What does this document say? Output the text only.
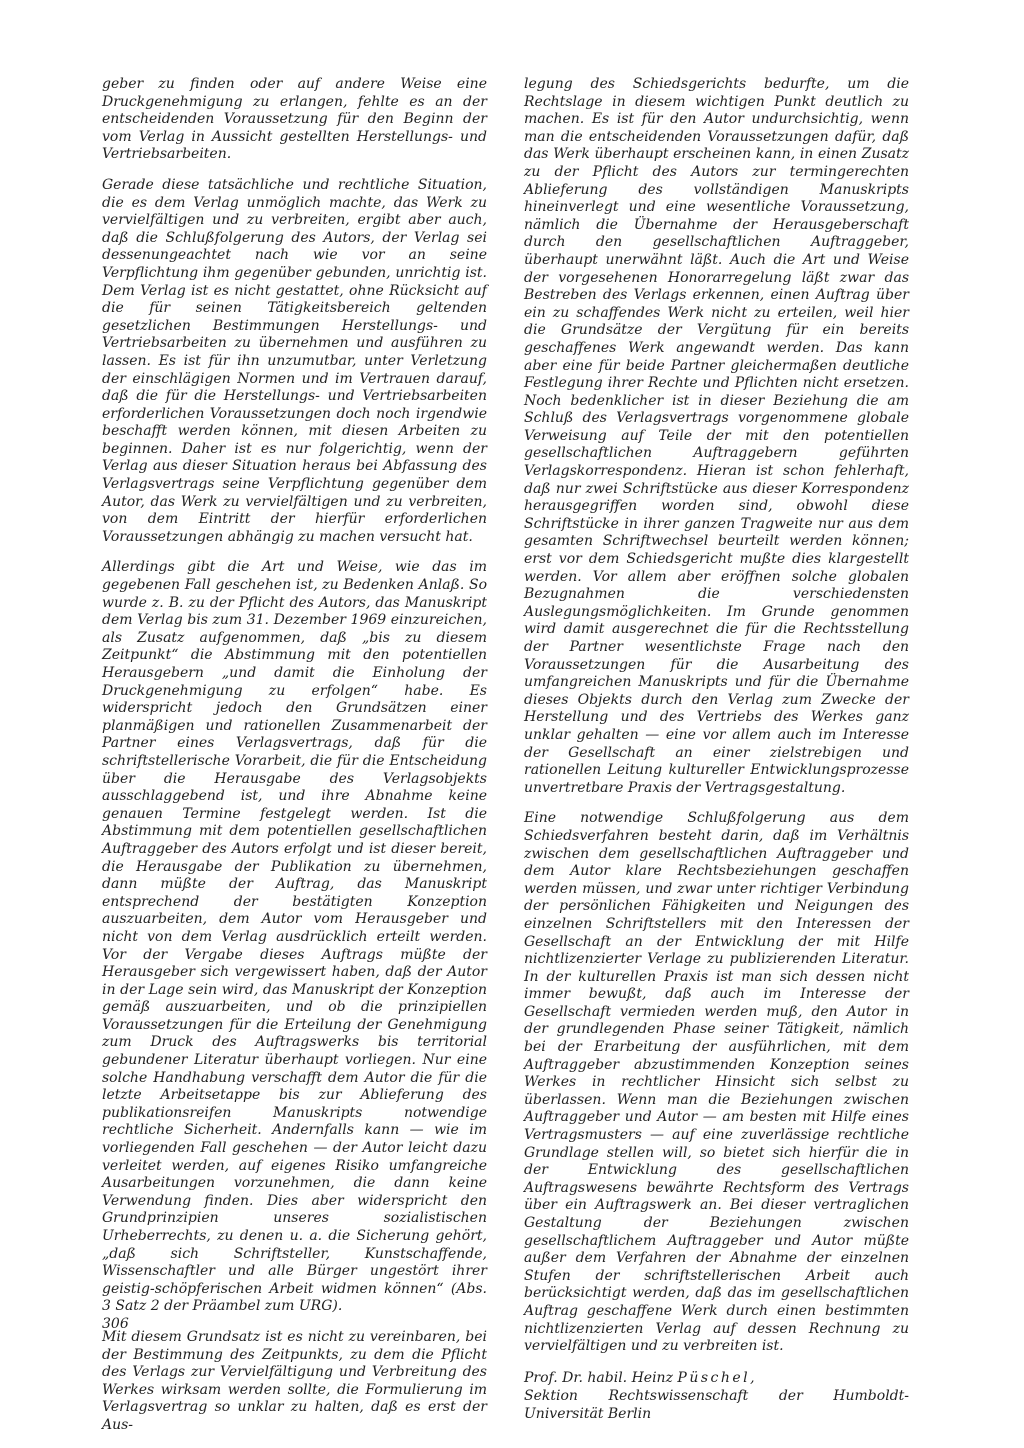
geber zu finden oder auf andere Weise eine Druckgenehmigung zu erlangen, fehlte es an der entscheidenden Voraussetzung für den Beginn der vom Verlag in Aussicht gestellten Herstellungs- und Vertriebsarbeiten.

Gerade diese tatsächliche und rechtliche Situation, die es dem Verlag unmöglich machte, das Werk zu vervielfältigen und zu verbreiten, ergibt aber auch, daß die Schlußfolgerung des Autors, der Verlag sei dessenungeachtet nach wie vor an seine Verpflichtung ihm gegenüber gebunden, unrichtig ist. Dem Verlag ist es nicht gestattet, ohne Rücksicht auf die für seinen Tätigkeitsbereich geltenden gesetzlichen Bestimmungen Herstellungs- und Vertriebsarbeiten zu übernehmen und ausführen zu lassen. Es ist für ihn unzumutbar, unter Verletzung der einschlägigen Normen und im Vertrauen darauf, daß die für die Herstellungs- und Vertriebsarbeiten erforderlichen Voraussetzungen doch noch irgendwie beschafft werden können, mit diesen Arbeiten zu beginnen. Daher ist es nur folgerichtig, wenn der Verlag aus dieser Situation heraus bei Abfassung des Verlagsvertrags seine Verpflichtung gegenüber dem Autor, das Werk zu vervielfältigen und zu verbreiten, von dem Eintritt der hierfür erforderlichen Voraussetzungen abhängig zu machen versucht hat.

Allerdings gibt die Art und Weise, wie das im gegebenen Fall geschehen ist, zu Bedenken Anlaß. So wurde z. B. zu der Pflicht des Autors, das Manuskript dem Verlag bis zum 31. Dezember 1969 einzureichen, als Zusatz aufgenommen, daß „bis zu diesem Zeitpunkt“ die Abstimmung mit den potentiellen Herausgebern „und damit die Einholung der Druckgenehmigung zu erfolgen“ habe. Es widerspricht jedoch den Grundsätzen einer planmäßigen und rationellen Zusammenarbeit der Partner eines Verlagsvertrags, daß für die schriftstellerische Vorarbeit, die für die Entscheidung über die Herausgabe des Verlagsobjekts ausschlaggebend ist, und ihre Abnahme keine genauen Termine festgelegt werden. Ist die Abstimmung mit dem potentiellen gesellschaftlichen Auftraggeber des Autors erfolgt und ist dieser bereit, die Herausgabe der Publikation zu übernehmen, dann müßte der Auftrag, das Manuskript entsprechend der bestätigten Konzeption auszuarbeiten, dem Autor vom Herausgeber und nicht von dem Verlag ausdrücklich erteilt werden. Vor der Vergabe dieses Auftrags müßte der Herausgeber sich vergewissert haben, daß der Autor in der Lage sein wird, das Manuskript der Konzeption gemäß auszuarbeiten, und ob die prinzipiellen Voraussetzungen für die Erteilung der Genehmigung zum Druck des Auftragswerks bis territorial gebundener Literatur überhaupt vorliegen. Nur eine solche Handhabung verschafft dem Autor die für die letzte Arbeitsetappe bis zur Ablieferung des publikationsreifen Manuskripts notwendige rechtliche Sicherheit. Andernfalls kann — wie im vorliegenden Fall geschehen — der Autor leicht dazu verleitet werden, auf eigenes Risiko umfangreiche Ausarbeitungen vorzunehmen, die dann keine Verwendung finden. Dies aber widerspricht den Grundprinzipien unseres sozialistischen Urheberrechts, zu denen u. a. die Sicherung gehört, „daß sich Schriftsteller, Kunstschaffende, Wissenschaftler und alle Bürger ungestört ihrer geistig-schöpferischen Arbeit widmen können“ (Abs. 3 Satz 2 der Präambel zum URG).

Mit diesem Grundsatz ist es nicht zu vereinbaren, bei der Bestimmung des Zeitpunkts, zu dem die Pflicht des Verlags zur Vervielfältigung und Verbreitung des Werkes wirksam werden sollte, die Formulierung im Verlagsvertrag so unklar zu halten, daß es erst der Aus-

legung des Schiedsgerichts bedurfte, um die Rechtslage in diesem wichtigen Punkt deutlich zu machen. Es ist für den Autor undurchsichtig, wenn man die entscheidenden Voraussetzungen dafür, daß das Werk überhaupt erscheinen kann, in einen Zusatz zu der Pflicht des Autors zur termingerechten Ablieferung des vollständigen Manuskripts hineinverlegt und eine wesentliche Voraussetzung, nämlich die Übernahme der Herausgeberschaft durch den gesellschaftlichen Auftraggeber, überhaupt unerwähnt läßt. Auch die Art und Weise der vorgesehenen Honorarregelung läßt zwar das Bestreben des Verlags erkennen, einen Auftrag über ein zu schaffendes Werk nicht zu erteilen, weil hier die Grundsätze der Vergütung für ein bereits geschaffenes Werk angewandt werden. Das kann aber eine für beide Partner gleichermaßen deutliche Festlegung ihrer Rechte und Pflichten nicht ersetzen. Noch bedenklicher ist in dieser Beziehung die am Schluß des Verlagsvertrags vorgenommene globale Verweisung auf Teile der mit den potentiellen gesellschaftlichen Auftraggebern geführten Verlagskorrespondenz. Hieran ist schon fehlerhaft, daß nur zwei Schriftstücke aus dieser Korrespondenz herausgegriffen worden sind, obwohl diese Schriftstücke in ihrer ganzen Tragweite nur aus dem gesamten Schriftwechsel beurteilt werden können; erst vor dem Schiedsgericht mußte dies klargestellt werden. Vor allem aber eröffnen solche globalen Bezugnahmen die verschiedensten Auslegungsmöglichkeiten. Im Grunde genommen wird damit ausgerechnet die für die Rechtsstellung der Partner wesentlichste Frage nach den Voraussetzungen für die Ausarbeitung des umfangreichen Manuskripts und für die Übernahme dieses Objekts durch den Verlag zum Zwecke der Herstellung und des Vertriebs des Werkes ganz unklar gehalten — eine vor allem auch im Interesse der Gesellschaft an einer zielstrebigen und rationellen Leitung kultureller Entwicklungsprozesse unvertretbare Praxis der Vertragsgestaltung.

Eine notwendige Schlußfolgerung aus dem Schiedsverfahren besteht darin, daß im Verhältnis zwischen dem gesellschaftlichen Auftraggeber und dem Autor klare Rechtsbeziehungen geschaffen werden müssen, und zwar unter richtiger Verbindung der persönlichen Fähigkeiten und Neigungen des einzelnen Schriftstellers mit den Interessen der Gesellschaft an der Entwicklung der mit Hilfe nichtlizenzierter Verlage zu publizierenden Literatur. In der kulturellen Praxis ist man sich dessen nicht immer bewußt, daß auch im Interesse der Gesellschaft vermieden werden muß, den Autor in der grundlegenden Phase seiner Tätigkeit, nämlich bei der Erarbeitung der ausführlichen, mit dem Auftraggeber abzustimmenden Konzeption seines Werkes in rechtlicher Hinsicht sich selbst zu überlassen. Wenn man die Beziehungen zwischen Auftraggeber und Autor — am besten mit Hilfe eines Vertragsmusters — auf eine zuverlässige rechtliche Grundlage stellen will, so bietet sich hierfür die in der Entwicklung des gesellschaftlichen Auftragswesens bewährte Rechtsform des Vertrags über ein Auftragswerk an. Bei dieser vertraglichen Gestaltung der Beziehungen zwischen gesellschaftlichem Auftraggeber und Autor müßte außer dem Verfahren der Abnahme der einzelnen Stufen der schriftstellerischen Arbeit auch berücksichtigt werden, daß das im gesellschaftlichen Auftrag geschaffene Werk durch einen bestimmten nichtlizenzierten Verlag auf dessen Rechnung zu vervielfältigen und zu verbreiten ist.

Prof. Dr. habil. Heinz Püschel,
Sektion Rechtswissenschaft der Humboldt-Universität Berlin
306
